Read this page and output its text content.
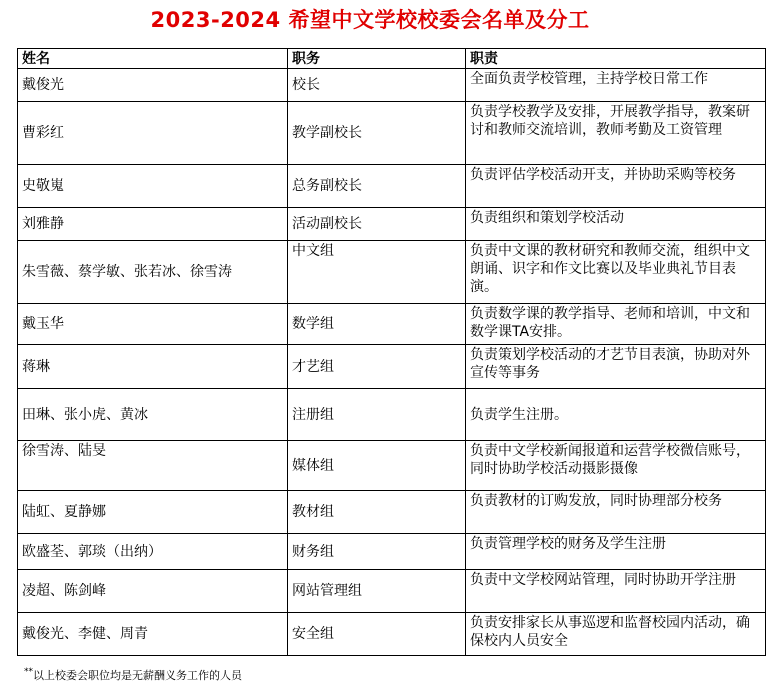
2023-2024 希望中文学校校委会名单及分工
姓名	职务	职责
戴俊光	校长	全面负责学校管理，主持学校日常工作
曹彩红	教学副校长	负责学校教学及安排，开展教学指导，教案研讨和教师交流培训，教师考勤及工资管理
史敬嵬	总务副校长	负责评估学校活动开支，并协助采购等校务
刘雅静	活动副校长	负责组织和策划学校活动
朱雪薇、蔡学敏、张若冰、徐雪涛	中文组	负责中文课的教材研究和教师交流，组织中文朗诵、识字和作文比赛以及毕业典礼节目表演。
戴玉华	数学组	负责数学课的教学指导、老师和培训，中文和数学课TA安排。
蒋琳	才艺组	负责策划学校活动的才艺节目表演，协助对外宣传等事务
田琳、张小虎、黄冰	注册组	负责学生注册。
徐雪涛、陆旻	媒体组	负责中文学校新闻报道和运营学校微信账号，同时协助学校活动摄影摄像
陆虹、夏静娜	教材组	负责教材的订购发放，同时协理部分校务
欧盛荃、郭琰（出纳）	财务组	负责管理学校的财务及学生注册
凌超、陈剑峰	网站管理组	负责中文学校网站管理，同时协助开学注册
戴俊光、李健、周青	安全组	负责安排家长从事巡逻和监督校园内活动，确保校内人员安全
**以上校委会职位均是无薪酬义务工作的人员
